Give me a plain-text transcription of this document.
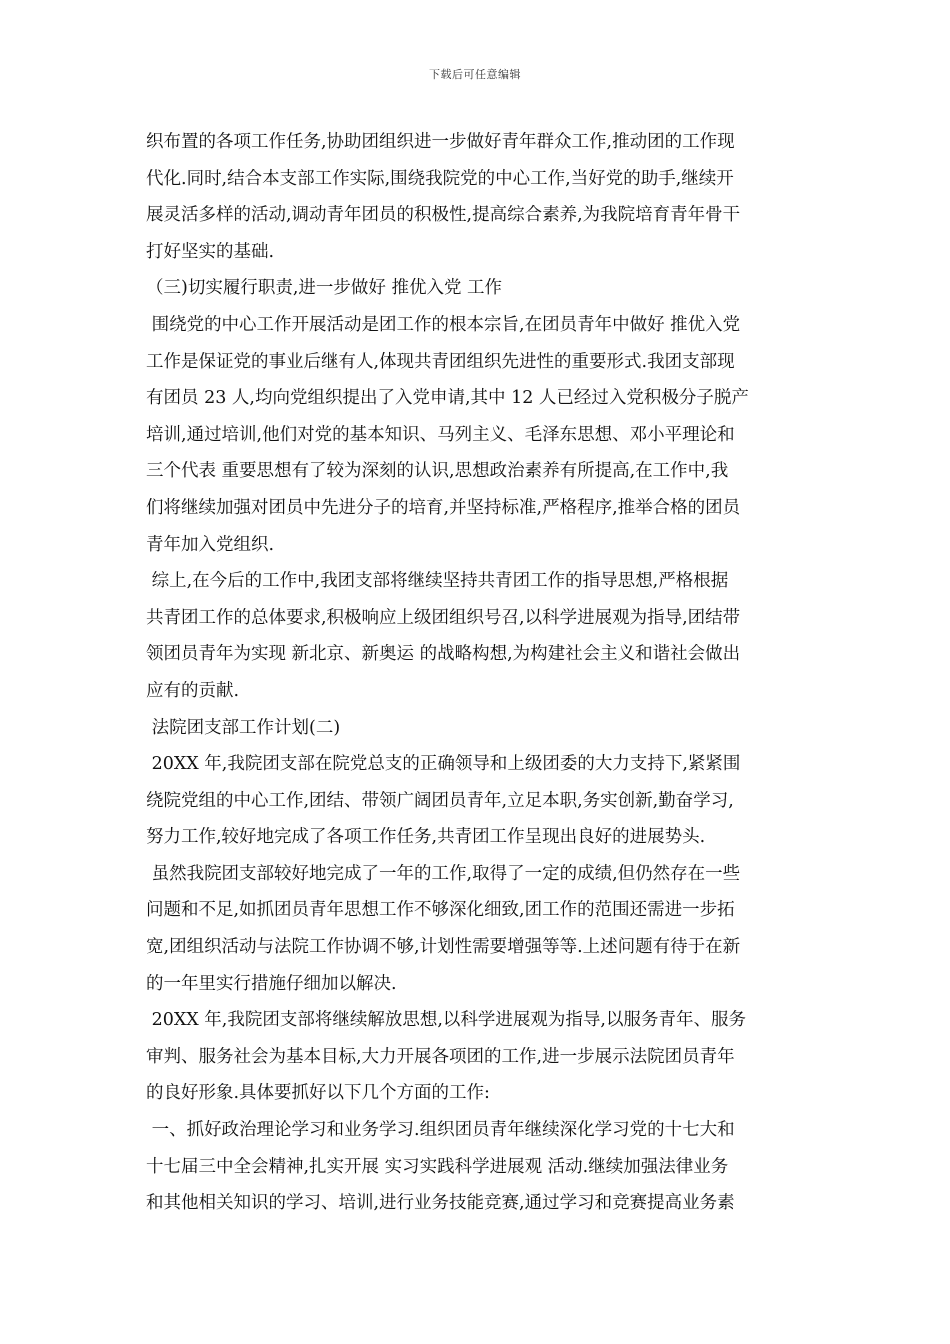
下载后可任意编辑
织布置的各项工作任务,协助团组织进一步做好青年群众工作,推动团的工作现
代化.同时,结合本支部工作实际,围绕我院党的中心工作,当好党的助手,继续开
展灵活多样的活动,调动青年团员的积极性,提高综合素养,为我院培育青年骨干
打好坚实的基础.
（三)切实履行职责,进一步做好 推优入党 工作
围绕党的中心工作开展活动是团工作的根本宗旨,在团员青年中做好 推优入党
工作是保证党的事业后继有人,体现共青团组织先进性的重要形式.我团支部现
有团员 23 人,均向党组织提出了入党申请,其中 12 人已经过入党积极分子脱产
培训,通过培训,他们对党的基本知识、马列主义、毛泽东思想、邓小平理论和
三个代表 重要思想有了较为深刻的认识,思想政治素养有所提高,在工作中,我
们将继续加强对团员中先进分子的培育,并坚持标准,严格程序,推举合格的团员
青年加入党组织.
综上,在今后的工作中,我团支部将继续坚持共青团工作的指导思想,严格根据
共青团工作的总体要求,积极响应上级团组织号召,以科学进展观为指导,团结带
领团员青年为实现 新北京、新奥运 的战略构想,为构建社会主义和谐社会做出
应有的贡献.
法院团支部工作计划(二)
20XX 年,我院团支部在院党总支的正确领导和上级团委的大力支持下,紧紧围
绕院党组的中心工作,团结、带领广阔团员青年,立足本职,务实创新,勤奋学习,
努力工作,较好地完成了各项工作任务,共青团工作呈现出良好的进展势头.
虽然我院团支部较好地完成了一年的工作,取得了一定的成绩,但仍然存在一些
问题和不足,如抓团员青年思想工作不够深化细致,团工作的范围还需进一步拓
宽,团组织活动与法院工作协调不够,计划性需要增强等等.上述问题有待于在新
的一年里实行措施仔细加以解决.
20XX 年,我院团支部将继续解放思想,以科学进展观为指导,以服务青年、服务
审判、服务社会为基本目标,大力开展各项团的工作,进一步展示法院团员青年
的良好形象.具体要抓好以下几个方面的工作:
一、抓好政治理论学习和业务学习.组织团员青年继续深化学习党的十七大和
十七届三中全会精神,扎实开展 实习实践科学进展观 活动.继续加强法律业务
和其他相关知识的学习、培训,进行业务技能竞赛,通过学习和竞赛提高业务素
